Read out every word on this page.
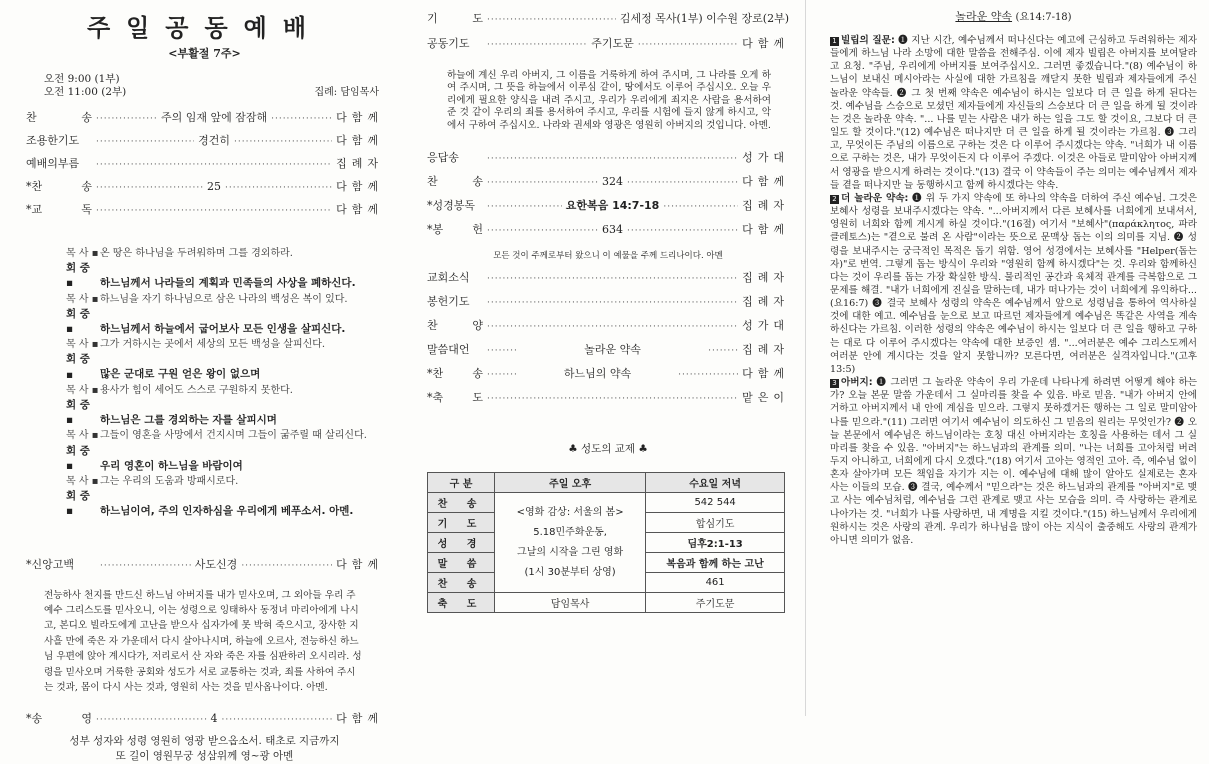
주일공동예배
<부활절 7주>
오전 9:00 (1부)
오전 11:00 (2부)	집례: 담임목사
찬 송 ·····	주의 임재 앞에 잠잠해 ·····	다함께
조용한기도 ·····	경건히 ·····	다함께
예배의부름 ·····	집례자
*찬 송 ·····	25 ·····	다함께
*교 독 ·····	다함께
목 사 ▪ 온 땅은 하나님을 두려워하며 그를 경외하라.
회 중 ▪	하느님께서 나라들의 계획과 민족들의 사상을 폐하신다.
목 사 ▪ 하느님을 자기 하나님으로 삼은 나라의 백성은 복이 있다.
회 중 ▪	하느님께서 하늘에서 굽어보사 모든 인생을 살피신다.
목 사 ▪ 그가 거하시는 곳에서 세상의 모든 백성을 살피신다.
회 중 ▪	많은 군대로 구원 얻은 왕이 없으며
목 사 ▪ 용사가 힘이 세어도 스스로 구원하지 못한다.
회 중 ▪	하느님은 그를 경외하는 자를 살피시며
목 사 ▪ 그들이 영혼을 사망에서 건지시며 그들이 굶주릴 때 살리신다.
회 중 ▪	우리 영혼이 하느님을 바람이여
목 사 ▪ 그는 우리의 도움과 방패시로다.
회 중 ▪	하느님이여, 주의 인자하심을 우리에게 베푸소서. 아멘.
*신앙고백 ·····	사도신경 ·····	다함께
전능하사 천지를 만드신 하느님 아버지를 내가 믿사오며, 그 외아들 우리 주 예수 그리스도를 믿사오니, 이는 성령으로 잉태하사 동정녀 마리아에게 나시고, 본디오 빌라도에게 고난을 받으사 십자가에 못 박혀 죽으시고, 장사한 지 사흘 만에 죽은 자 가운데서 다시 살아나시며, 하늘에 오르사, 전능하신 하느님 우편에 앉아 계시다가, 저리로서 산 자와 죽은 자를 심판하러 오시리라. 성령을 믿사오며 거룩한 공회와 성도가 서로 교통하는 것과, 죄를 사하여 주시는 것과, 몸이 다시 사는 것과, 영원히 사는 것을 믿사옵나이다. 아멘.
*송 영 ·····	4 ·····	다함께
성부 성자와 성령 영원히 영광 받으옵소서. 태초로 지금까지
또 길이 영원무궁 성삼위께 영~광 아멘
기 도 ·····	김세정 목사(1부) 이수원 장로(2부)
공동기도 ·····	주기도문 ·····	다함께
하늘에 계신 우리 아버지, 그 이름을 거룩하게 하여 주시며, 그 나라를 오게 하여 주시며, 그 뜻을 하늘에서 이루심 같이, 땅에서도 이루어 주십시오. 오늘 우리에게 필요한 양식을 내려 주시고, 우리가 우리에게 죄지은 사람을 용서하여 준 것 같이 우리의 죄를 용서하여 주시고, 우리를 시험에 들지 않게 하시고, 악에서 구하여 주십시오. 나라와 권세와 영광은 영원히 아버지의 것입니다. 아멘.
응답송 ·····	성가대
찬 송 ·····	324 ·····	다함께
*성경봉독 ·····	요한복음 14:7-18 ·····	집례자
*봉 헌 ·····	634 ·····	다함께
모든 것이 주께로부터 왔으니 이 예물을 주께 드리나이다. 아멘
교회소식 ·····	집례자
봉헌기도 ·····	집례자
찬 양 ·····	성가대
말씀대언 ·····	놀라운 약속 ·····	집례자
*찬 송 ·····	하느님의 약속 ·····	다함께
*축 도 ·····	맡은이
♣ 성도의 교제 ♣
구 분	주일 오후	수요일 저녁
찬 송	<영화 감상: 서울의 봄>
5.18민주화운동,
그날의 시작을 그린 영화
(1시 30분부터 상영)	542 544
기 도		합심기도
성 경		딤후2:1-13
말 씀		복음과 함께 하는 고난
찬 송		461
축 도	담임목사	주기도문
놀라운 약속 (요14:7-18)

1 빌립의 질문: ❶ 지난 시간, 예수님께서 떠나신다는 예고에 근심하고 두려워하는 제자들에게 하느님 나라 소망에 대한 말씀을 전해주심. 이에 제자 빌립은 아버지를 보여달라고 요청. "주님, 우리에게 아버지를 보여주십시오. 그러면 좋겠습니다."(8) 예수님이 하느님이 보내신 메시아라는 사실에 대한 가르침을 깨닫지 못한 빌립과 제자들에게 주신 놀라운 약속들. ❷ 그 첫 번째 약속은 예수님이 하시는 일보다 더 큰 일을 하게 된다는 것. 예수님을 스승으로 모셨던 제자들에게 자신들의 스승보다 더 큰 일을 하게 될 것이라는 것은 놀라운 약속. "... 나를 믿는 사람은 내가 하는 일을 그도 할 것이요, 그보다 더 큰 일도 할 것이다."(12) 예수님은 떠나지만 더 큰 일을 하게 될 것이라는 가르침. ❸ 그리고, 무엇이든 주님의 이름으로 구하는 것은 다 이루어 주시겠다는 약속. "너희가 내 이름으로 구하는 것은, 내가 무엇이든지 다 이루어 주겠다. 이것은 아들로 말미암아 아버지께서 영광을 받으시게 하려는 것이다."(13) 결국 이 약속들이 주는 의미는 예수님께서 제자들 곁을 떠나지만 늘 동행하시고 함께 하시겠다는 약속.

2 더 놀라운 약속: ❶ 위 두 가지 약속에 또 하나의 약속을 더하여 주신 예수님. 그것은 보혜사 성령을 보내주시겠다는 약속. "...아버지께서 다른 보혜사를 너희에게 보내셔서, 영원히 너희와 함께 계시게 하실 것이다."(16절) 여기서 "보혜사"(παράκλητος, 파라클레토스)는 "곁으로 불려 온 사람"이라는 뜻으로 문맥상 돕는 이의 의미를 지님. ❷ 성령을 보내주시는 궁극적인 목적은 돕기 위함. 영어 성경에서는 보혜사를 "Helper(돕는 자)"로 번역. 그렇게 돕는 방식이 우리와 "영원히 함께 하시겠다"는 것. 우리와 함께하신다는 것이 우리를 돕는 가장 확실한 방식. 물리적인 공간과 육체적 관계를 극복함으로 그 문제를 해결. "내가 너희에게 진실을 말하는데, 내가 떠나가는 것이 너희에게 유익하다...(요16:7) ❸ 결국 보혜사 성령의 약속은 예수님께서 앞으로 성령님을 통하여 역사하실 것에 대한 예고. 예수님을 눈으로 보고 따르던 제자들에게 예수님은 똑같은 사역을 계속하신다는 가르침. 이러한 성령의 약속은 예수님이 하시는 일보다 더 큰 일을 행하고 구하는 대로 다 이루어 주시겠다는 약속에 대한 보증인 셈. "...여러분은 예수 그리스도께서 여러분 안에 계시다는 것을 알지 못합니까? 모른다면, 여러분은 실격자입니다."(고후13:5)

3 아버지: ❶ 그러면 그 놀라운 약속이 우리 가운데 나타나게 하려면 어떻게 해야 하는가? 오늘 본문 말씀 가운데서 그 실마리를 찾을 수 있음. 바로 믿음. "내가 아버지 안에 거하고 아버지께서 내 안에 계심을 믿으라. 그렇지 못하겠거든 행하는 그 일로 말미암아 나를 믿으라."(11) 그러면 여기서 예수님이 의도하신 그 믿음의 원리는 무엇인가? ❷ 오늘 본문에서 예수님은 하느님이라는 호칭 대신 아버지라는 호칭을 사용하는 데서 그 실마리를 찾을 수 있음. "아버지"는 하느님과의 관계를 의미. "나는 너희를 고아처럼 버려두지 아니하고, 너희에게 다시 오겠다."(18) 여기서 고아는 영적인 고아. 즉, 예수님 없이 혼자 살아가며 모든 책임을 자기가 지는 이. 예수님에 대해 많이 알아도 실제로는 혼자 사는 이들의 모습. ❸ 결국, 예수께서 "믿으라"는 것은 하느님과의 관계를 "아버지"로 맺고 사는 예수님처럼, 예수님을 그런 관계로 맺고 사는 모습을 의미. 즉 사랑하는 관계로 나아가는 것. "너희가 나를 사랑하면, 내 계명을 지킬 것이다."(15) 하느님께서 우리에게 원하시는 것은 사랑의 관계. 우리가 하나님을 많이 아는 지식이 출중해도 사랑의 관계가 아니면 의미가 없음.
